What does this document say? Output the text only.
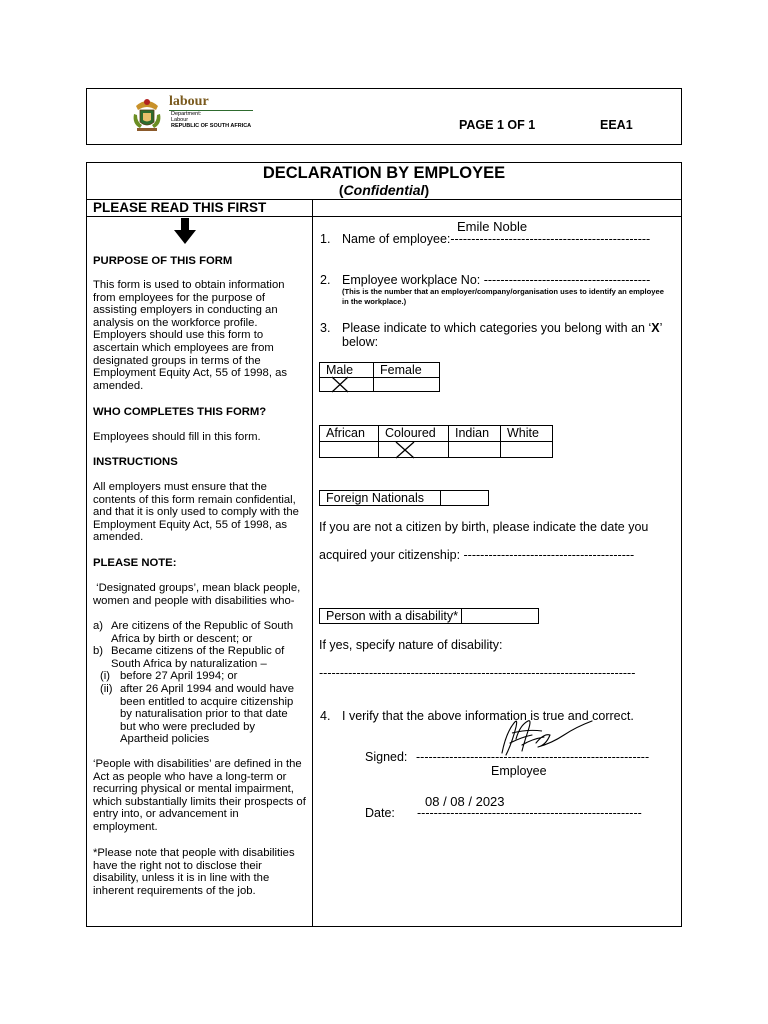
labour
Department:
Labour
REPUBLIC OF SOUTH AFRICA	PAGE 1 OF 1	EEA1
DECLARATION BY EMPLOYEE
(Confidential)
PLEASE READ THIS FIRST
PURPOSE OF THIS FORM
This form is used to obtain information from employees for the purpose of assisting employers in conducting an analysis on the workforce profile. Employers should use this form to ascertain which employees are from designated groups in terms of the Employment Equity Act, 55 of 1998, as amended.
WHO COMPLETES THIS FORM?
Employees should fill in this form.
INSTRUCTIONS
All employers must ensure that the contents of this form remain confidential, and that it is only used to comply with the Employment Equity Act, 55 of 1998, as amended.
PLEASE NOTE:
‘Designated groups’, mean black people, women and people with disabilities who-
a) Are citizens of the Republic of South Africa by birth or descent; or
b) Became citizens of the Republic of South Africa by naturalization –
(i) before 27 April 1994; or
(ii) after 26 April 1994 and would have been entitled to acquire citizenship by naturalisation prior to that date but who were precluded by Apartheid policies
‘People with disabilities’ are defined in the Act as people who have a long-term or recurring physical or mental impairment, which substantially limits their prospects of entry into, or advancement in employment.
*Please note that people with disabilities have the right not to disclose their disability, unless it is in line with the inherent requirements of the job.
Emile Noble
1. Name of employee:------------------------------------------------
2. Employee workplace No: ----------------------------------------
(This is the number that an employer/company/organisation uses to identify an employee in the workplace.)
3. Please indicate to which categories you belong with an ‘X’
below:
Male	Female
African	Coloured	Indian	White
Foreign Nationals
If you are not a citizen by birth, please indicate the date you
acquired your citizenship: -----------------------------------------
Person with a disability*
If yes, specify nature of disability:
----------------------------------------------------------------------------
4. I verify that the above information is true and correct.
Signed: --------------------------------------------------------
Employee
08 / 08 / 2023
Date: ------------------------------------------------------
